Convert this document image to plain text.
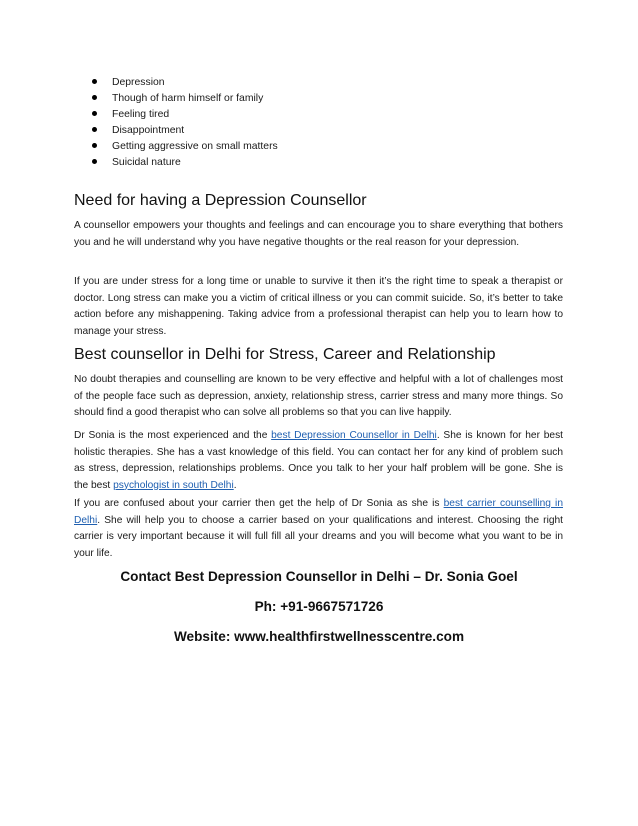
Depression
Though of harm himself or family
Feeling tired
Disappointment
Getting aggressive on small matters
Suicidal nature
Need for having a Depression Counsellor

A counsellor empowers your thoughts and feelings and can encourage you to share everything that bothers you and he will understand why you have negative thoughts or the real reason for your depression.

If you are under stress for a long time or unable to survive it then it’s the right time to speak a therapist or doctor. Long stress can make you a victim of critical illness or you can commit suicide. So, it’s better to take action before any mishappening. Taking advice from a professional therapist can help you to learn how to manage your stress.

Best counsellor in Delhi for Stress, Career and Relationship

No doubt therapies and counselling are known to be very effective and helpful with a lot of challenges most of the people face such as depression, anxiety, relationship stress, carrier stress and many more things. So should find a good therapist who can solve all problems so that you can live happily.

Dr Sonia is the most experienced and the best Depression Counsellor in Delhi. She is known for her best holistic therapies. She has a vast knowledge of this field. You can contact her for any kind of problem such as stress, depression, relationships problems. Once you talk to her your half problem will be gone. She is the best psychologist in south Delhi.

If you are confused about your carrier then get the help of Dr Sonia as she is best carrier counselling in Delhi. She will help you to choose a carrier based on your qualifications and interest. Choosing the right carrier is very important because it will full fill all your dreams and you will become what you want to be in your life.

Contact Best Depression Counsellor in Delhi – Dr. Sonia Goel
Ph: +91-9667571726
Website: www.healthfirstwellnesscentre.com
